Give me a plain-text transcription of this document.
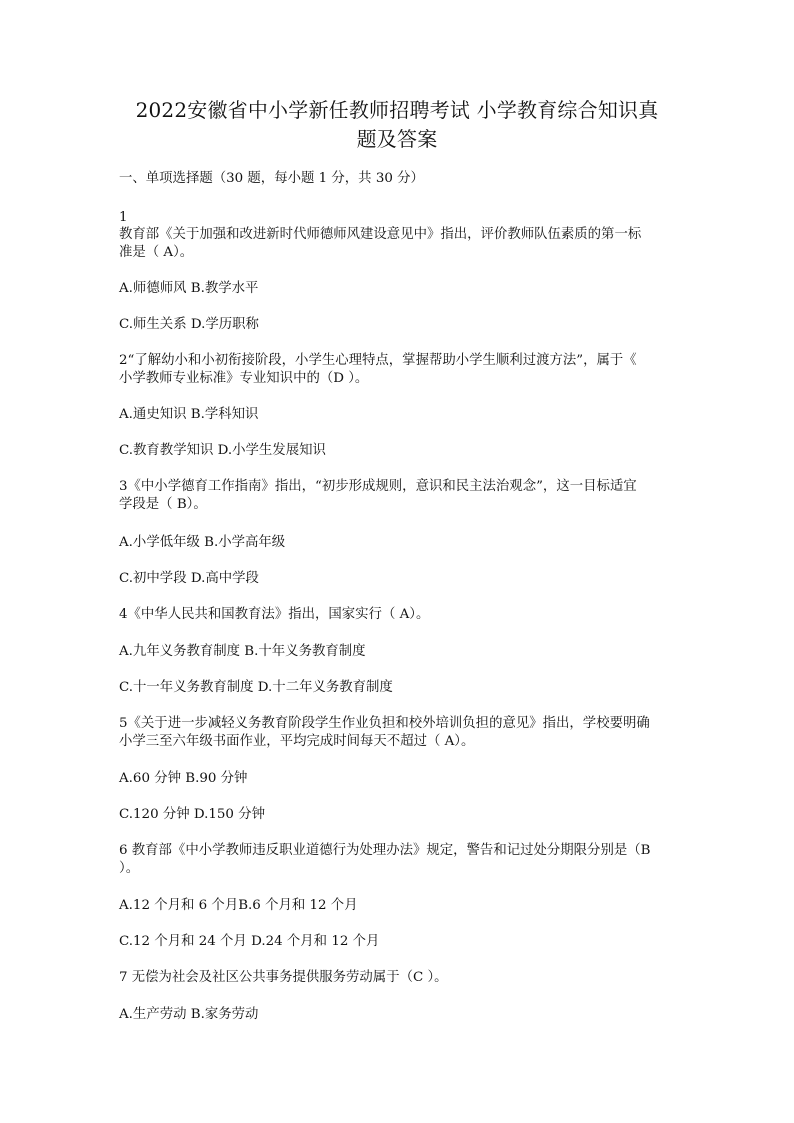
2022安徽省中小学新任教师招聘考试 小学教育综合知识真
题及答案
一、单项选择题（30 题，每小题 1 分，共 30 分）
1
教育部《关于加强和改进新时代师德师风建设意见中》指出，评价教师队伍素质的第一标
准是（ A）。
A.师德师风 B.教学水平
C.师生关系 D.学历职称
2“了解幼小和小初衔接阶段，小学生心理特点，掌握帮助小学生顺利过渡方法”，属于《
小学教师专业标准》专业知识中的（D ）。
A.通史知识 B.学科知识
C.教育教学知识 D.小学生发展知识
3《中小学德育工作指南》指出，“初步形成规则，意识和民主法治观念”，这一目标适宜
学段是（ B）。
A.小学低年级 B.小学高年级
C.初中学段 D.高中学段
4《中华人民共和国教育法》指出，国家实行（ A）。
A.九年义务教育制度 B.十年义务教育制度
C.十一年义务教育制度 D.十二年义务教育制度
5《关于进一步减轻义务教育阶段学生作业负担和校外培训负担的意见》指出，学校要明确
小学三至六年级书面作业，平均完成时间每天不超过（ A）。
A.60 分钟 B.90 分钟
C.120 分钟 D.150 分钟
6 教育部《中小学教师违反职业道德行为处理办法》规定，警告和记过处分期限分别是（B
）。
A.12 个月和 6 个月B.6 个月和 12 个月
C.12 个月和 24 个月 D.24 个月和 12 个月
7 无偿为社会及社区公共事务提供服务劳动属于（C ）。
A.生产劳动 B.家务劳动
